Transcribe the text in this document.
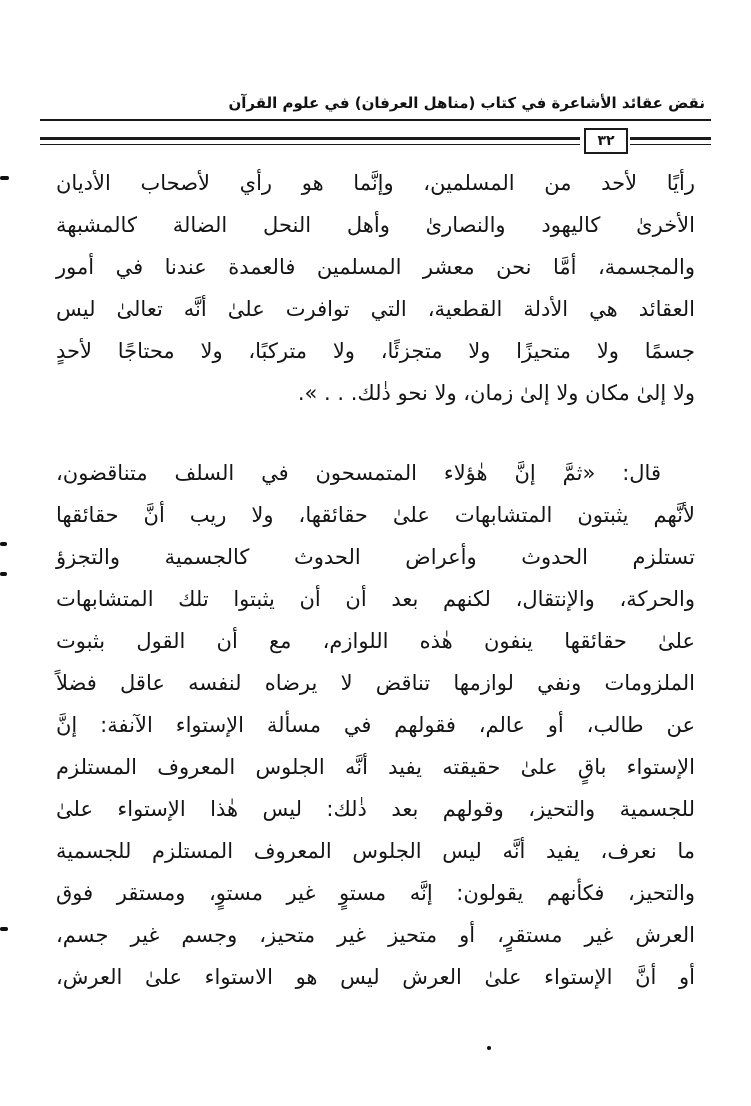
نقض عقائد الأشاعرة في كتاب (مناهل العرفان) في علوم القرآن
٣٢

رأيًا لأحد من المسلمين، وإنَّما هو رأي لأصحاب الأديان
الأخرىٰ كاليهود والنصارىٰ وأهل النحل الضالة كالمشبهة
والمجسمة، أمَّا نحن معشر المسلمين فالعمدة عندنا في أمور
العقائد هي الأدلة القطعية، التي توافرت علىٰ أنَّه تعالىٰ ليس
جسمًا ولا متحيزًا ولا متجزئًا، ولا متركبًا، ولا محتاجًا لأحدٍ
ولا إلىٰ مكان ولا إلىٰ زمان، ولا نحو ذٰلك. . . ».

قال: «ثمَّ إنَّ هٰؤلاء المتمسحون في السلف متناقضون،
لأنَّهم يثبتون المتشابهات علىٰ حقائقها، ولا ريب أنَّ حقائقها
تستلزم الحدوث وأعراض الحدوث كالجسمية والتجزؤ
والحركة، والإنتقال، لكنهم بعد أن أن يثبتوا تلك المتشابهات
علىٰ حقائقها ينفون هٰذه اللوازم، مع أن القول بثبوت
الملزومات ونفي لوازمها تناقض لا يرضاه لنفسه عاقل فضلاً
عن طالب، أو عالم، فقولهم في مسألة الإستواء الآنفة: إنَّ
الإستواء باقٍ علىٰ حقيقته يفيد أنَّه الجلوس المعروف المستلزم
للجسمية والتحيز، وقولهم بعد ذٰلك: ليس هٰذا الإستواء علىٰ
ما نعرف، يفيد أنَّه ليس الجلوس المعروف المستلزم للجسمية
والتحيز، فكأنهم يقولون: إنَّه مستوٍ غير مستوٍ، ومستقر فوق
العرش غير مستقرٍ، أو متحيز غير متحيز، وجسم غير جسم،
أو أنَّ الإستواء علىٰ العرش ليس هو الاستواء علىٰ العرش،
